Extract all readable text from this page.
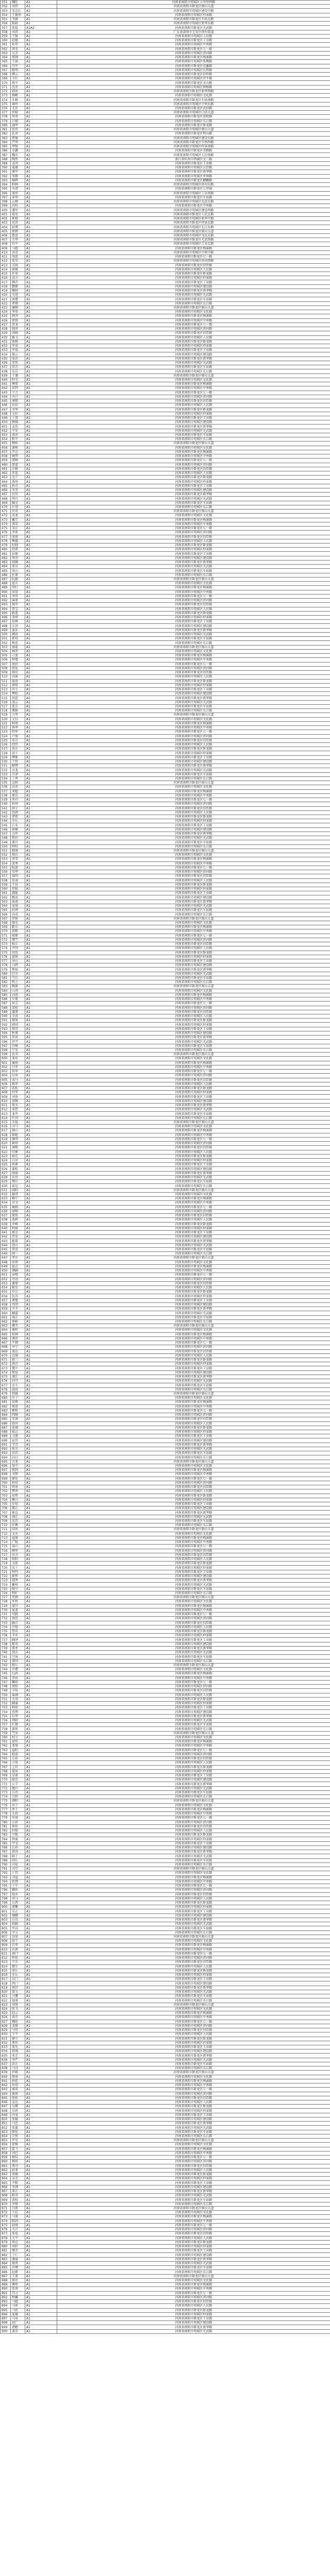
351	魏旺	A1	河南省南阳市宛城区五里堡西路
352	刘伟	A1	河南省南阳市卧龙区独山大道
353	宋志红	A1	河南省南阳市宛城区建设中路
354	王振华	A1	河南省南阳市宛城区仲景路
355	李静	A1	河南省南阳市卧龙区车站北路
356	陈娟	A1	河南省南阳市宛城区新华东路
357	张磊	A1A2	河南省南阳市卧龙区光武路
358	刘涛	A1	广东省深圳市宝安区西乡街道
359	王强	A1	河南省南阳市宛城区人民路
360	赵敏	A1	河南省南阳市卧龙区工业路
361	孙伟	A1	河南省南阳市宛城区中州路
362	周杰	A1	河南省南阳市卧龙区七一路
363	吴芳	A1	河南省南阳市宛城区滨河路
364	郑刚	A1	河南省南阳市卧龙区梅溪路
365	王丽	A1	河南省南阳市宛城区张衡路
366	冯军	A1	河南省南阳市卧龙区范蠡路
367	陈明	A1	河南省南阳市宛城区孔明路
368	褚云	A1	河南省南阳市卧龙区信臣路
369	卫红	A1	河南省南阳市宛城区伏牛路
370	蒋平	A1	河南省南阳市卧龙区天山路
371	沈亮	A1	河南省南阳市宛城区两相路
372	韩冰	A1	河南省南阳市卧龙区新华西路
373	杨帆	A1	河南省南阳市宛城区文化路
374	朱峰	A1	河南省南阳市卧龙区车站南路
375	秦岭	A1	河南省南阳市宛城区中州东路
376	尤佳	A1	河南省南阳市卧龙区武侯路
377	许晴	A1	河南省南阳市宛城区白河大道
378	何勇	A1	河南省南阳市卧龙区淯阳路
379	吕斌	A1	河南省南阳市宛城区长江路
380	施华	A1	河南省南阳市卧龙区卧龙路
381	张伟	A1	河南省南阳市宛城区独山大道
382	孔亮	A1	河南省南阳市卧龙区明山路
383	曹操	A1	河南省南阳市宛城区建设东路
384	严明	A1	河南省南阳市卧龙区中州西路
385	华强	A1	河南省南阳市宛城区仲景南路
386	金鑫	A1	河南省南阳市卧龙区雪枫路
387	魏东	A1	河南省南阳市宛城区人民南路
388	陶然	A1	浙江省杭州市西湖区文三路
389	姜涛	A1	河南省南阳市卧龙区工农路
390	戚薇	A1	河南省南阳市宛城区汉冶路
391	谢军	A1	河南省南阳市卧龙区新华路
392	邹静	A1	河南省南阳市宛城区枣林路
393	喻辉	A1	河南省南阳市卧龙区麒麟路
394	柏林	A1	河南省南阳市宛城区滨河东路
395	水清	A1	河南省南阳市卧龙区七里园
396	窦伟	A1	河南省南阳市宛城区工业南路
397	章华	A1	河南省南阳市卧龙区车站路
398	云峰	A1	河南省南阳市宛城区光武东路
399	苏杭	A1	河南省南阳市卧龙区中州路
400	潘军	A1	河南省南阳市宛城区建设西路
401	葛亮	A1	河南省南阳市卧龙区人民北路
402	奚梅	A1	河南省南阳市宛城区新华中路
403	范伟	A1	河南省南阳市卧龙区仲景北路
404	彭博	A1	河南省南阳市宛城区长江东路
405	郎朗	A1	河南省南阳市卧龙区独山大道
406	鲁迅	A1	河南省南阳市宛城区文化东路
407	韦华	A1	河南省南阳市卧龙区光武西路
408	昌平	A1	河南省南阳市宛城区工业北路
409	马超	A1	河南省南阳市卧龙区梅溪路
410	苗苗	A1	河南省南阳市宛城区中州中路
411	凤霞	A1	河南省南阳市卧龙区七一路
412	花荣	A1	河南省南阳市宛城区滨河西路
413	方圆	A1	河南省南阳市卧龙区信臣路
414	俞敏	A1	河南省南阳市宛城区人民路
415	任重	A1	河南省南阳市卧龙区卧龙路
416	袁方	A1	河南省南阳市宛城区仲景路
417	柳青	A1	河南省南阳市卧龙区工业路
418	酆都	A1	河南省南阳市宛城区建设路
419	鲍勃	A1	河南省南阳市卧龙区新华路
420	史进	A1	河南省南阳市宛城区光武路
421	唐僧	A1	河南省南阳市卧龙区车站路
422	费翔	A1	河南省南阳市宛城区长江路
423	廉颇	A1	河南省南阳市卧龙区独山大道
424	岑参	A1	河南省南阳市宛城区文化路
425	薛涛	A1	河南省南阳市卧龙区梅溪路
426	雷锋	A1	河南省南阳市宛城区中州路
427	贺龙	A1	河南省南阳市卧龙区七一路
428	倪萍	A1	河南省南阳市宛城区滨河路
429	汤姆	A1	河南省南阳市卧龙区信臣路
430	滕飞	A1	河南省南阳市宛城区人民路
431	殷桃	A1	河南省南阳市卧龙区卧龙路
432	罗成	A1	河南省南阳市宛城区仲景路
433	毕福	A1	河南省南阳市卧龙区工业路
434	郝云	A1	河南省南阳市宛城区建设路
435	邬君	A1	河南省南阳市卧龙区新华路
436	安然	A1	河南省南阳市宛城区光武路
437	常青	A1	河南省南阳市卧龙区车站路
438	乐乐	A1	河南省南阳市宛城区长江路
439	于谦	A1	河南省南阳市卧龙区独山大道
440	时光	A1	河南省南阳市宛城区文化路
441	傅雷	A1	河南省南阳市卧龙区梅溪路
442	皮特	A1	河南省南阳市宛城区中州路
443	卞之	A1	河南省南阳市卧龙区七一路
444	齐白	A1	河南省南阳市宛城区滨河路
445	康熙	A1	河南省南阳市卧龙区信臣路
446	伍佰	A1	河南省南阳市宛城区人民路
447	余华	A1	河南省南阳市卧龙区卧龙路
448	元好	A1	河南省南阳市宛城区仲景路
449	卜算	A1	河南省南阳市卧龙区工业路
450	顾城	A1	河南省南阳市宛城区建设路
451	孟浩	A1	河南省南阳市卧龙区新华路
452	平安	A1	河南省南阳市宛城区光武路
453	黄河	A1	河南省南阳市卧龙区车站路
454	和平	A1	河南省南阳市宛城区长江路
455	穆桂	A1	河南省南阳市卧龙区独山大道
456	萧峰	A1	河南省南阳市宛城区文化路
457	尹志	A1	河南省南阳市卧龙区梅溪路
458	姚明	A1	河南省南阳市宛城区中州路
459	邵峰	A1	河南省南阳市卧龙区七一路
460	湛蓝	A1	河南省南阳市宛城区滨河路
461	汪峰	A1	河南省南阳市卧龙区信臣路
462	祁连	A1	河南省南阳市宛城区人民路
463	毛宁	A1	河南省南阳市卧龙区卧龙路
464	禹州	A1	河南省南阳市宛城区仲景路
465	狄青	A1	河南省南阳市卧龙区工业路
466	米芾	A1	河南省南阳市宛城区建设路
467	贝贝	A1	河南省南阳市卧龙区新华路
468	明月	A1	河南省南阳市宛城区光武路
469	臧克	A1	河南省南阳市卧龙区车站路
470	计划	A1	河南省南阳市宛城区长江路
471	伏虎	A1	河南省南阳市卧龙区独山大道
472	成龙	A1	河南省南阳市宛城区文化路
473	戴笠	A1	河南省南阳市卧龙区梅溪路
474	谈笑	A1	河南省南阳市宛城区中州路
475	宋江	A1	河南省南阳市卧龙区七一路
476	茅盾	A1	河南省南阳市宛城区滨河路
477	庞统	A1	河南省南阳市卧龙区信臣路
478	熊猫	A1	河南省南阳市宛城区人民路
479	纪晓	A1	河南省南阳市卧龙区卧龙路
480	舒淇	A1	河南省南阳市宛城区仲景路
481	屈原	A1	河南省南阳市卧龙区工业路
482	项羽	A1	河南省南阳市宛城区建设路
483	祝融	A1	河南省南阳市卧龙区新华路
484	董卓	A1	河南省南阳市宛城区光武路
485	梁山	A1	河南省南阳市卧龙区车站路
486	杜甫	A1	河南省南阳市宛城区长江路
487	阮籍	A1	河南省南阳市卧龙区独山大道
488	蓝天	A1	河南省南阳市宛城区文化路
489	闵行	A1	河南省南阳市卧龙区梅溪路
490	席慕	A1	河南省南阳市宛城区中州路
491	季风	A1	河南省南阳市卧龙区七一路
492	麻雀	A1	河南省南阳市宛城区滨河路
493	强军	A1	河南省南阳市卧龙区信臣路
494	贾宝	A1	河南省南阳市宛城区人民路
495	路遥	A1	河南省南阳市卧龙区卧龙路
496	娄烨	A1	河南省南阳市宛城区仲景路
497	危峰	A1	河南省南阳市卧龙区工业路
498	江河	A1	河南省南阳市宛城区建设路
499	童话	A1	河南省南阳市卧龙区新华路
500	颜真	A1	河南省南阳市宛城区光武路
501	郭靖	A1	河南省南阳市卧龙区车站路
502	梅花	A1	河南省南阳市宛城区长江路
503	盛夏	A1	河南省南阳市卧龙区独山大道
504	林冲	A1	河南省南阳市宛城区文化路
505	刁蛮	A1	河南省南阳市卧龙区梅溪路
506	钟馗	A1	河南省南阳市宛城区中州路
507	徐庶	A1	河南省南阳市卧龙区七一路
508	邱处	A1	河南省南阳市宛城区滨河路
509	骆宾	A1	河南省南阳市卧龙区信臣路
510	高俅	A1	河南省南阳市宛城区人民路
511	夏雨	A1	河南省南阳市卧龙区卧龙路
512	蔡琰	A1	河南省南阳市宛城区仲景路
513	田七	A1	河南省南阳市卧龙区工业路
514	樊哙	A1	河南省南阳市宛城区建设路
515	胡适	A1	河南省南阳市卧龙区新华路
516	凌云	A1	河南省南阳市宛城区光武路
517	霍去	A1	河南省南阳市卧龙区车站路
518	虞姬	A1	河南省南阳市宛城区长江路
519	万里	A1	河南省南阳市卧龙区独山大道
520	支付	A1	河南省南阳市宛城区文化路
521	柯南	A1	河南省南阳市卧龙区梅溪路
522	昝华	A1	河南省南阳市宛城区中州路
523	管仲	A1	河南省南阳市卧龙区七一路
524	卢俊	A1	河南省南阳市宛城区滨河路
525	莫言	A1	河南省南阳市卧龙区信臣路
526	经纬	A1	河南省南阳市宛城区人民路
527	房玄	A1	河南省南阳市卧龙区卧龙路
528	裘千	A1	河南省南阳市宛城区仲景路
529	缪斯	A1	河南省南阳市卧龙区工业路
530	干将	A1	河南省南阳市宛城区建设路
531	解缙	A1	河南省南阳市卧龙区新华路
532	应龙	A1	河南省南阳市宛城区光武路
533	宗泽	A1	河南省南阳市卧龙区车站路
534	丁香	A1	河南省南阳市宛城区长江路
535	宣和	A1	河南省南阳市卧龙区独山大道
536	贲虎	A1	河南省南阳市宛城区文化路
537	邓超	A1	河南省南阳市卧龙区梅溪路
538	郁达	A1	河南省南阳市宛城区中州路
539	单田	A1	河南省南阳市卧龙区七一路
540	杭州	A1	河南省南阳市宛城区滨河路
541	洪七	A1	河南省南阳市卧龙区信臣路
542	包拯	A1	河南省南阳市宛城区人民路
543	诸葛	A1	河南省南阳市卧龙区卧龙路
544	左丘	A1	河南省南阳市宛城区仲景路
545	石头	A1	河南省南阳市卧龙区工业路
546	崔健	A1	河南省南阳市宛城区建设路
547	吉祥	A1	河南省南阳市卧龙区新华路
548	钮扣	A1	河南省南阳市宛城区光武路
549	龚自	A1	河南省南阳市卧龙区车站路
550	程咬	A1	河南省南阳市宛城区长江路
551	嵇康	A1	河南省南阳市卧龙区独山大道
552	邢台	A1	河南省南阳市宛城区文化路
553	滑雪	A1	河南省南阳市卧龙区梅溪路
554	裴秀	A1	河南省南阳市宛城区中州路
555	陆游	A1	河南省南阳市卧龙区七一路
556	荣华	A1	河南省南阳市宛城区滨河路
557	翁同	A1	河南省南阳市卧龙区信臣路
558	荀彧	A1	河南省南阳市宛城区人民路
559	羊祜	A1	河南省南阳市卧龙区卧龙路
560	於陵	A1	河南省南阳市宛城区仲景路
561	惠能	A1	河南省南阳市卧龙区工业路
562	甄宓	A1	河南省南阳市宛城区建设路
563	曲波	A1	河南省南阳市卧龙区新华路
564	家驹	A1	河南省南阳市宛城区光武路
565	封神	A1	河南省南阳市卧龙区车站路
566	芮成	A1	河南省南阳市宛城区长江路
567	羿射	A1	河南省南阳市卧龙区独山大道
568	储光	A1	河南省南阳市宛城区文化路
569	靳东	A1	河南省南阳市卧龙区梅溪路
570	汲黯	A1	河南省南阳市宛城区中州路
571	邴原	A1	河南省南阳市卧龙区七一路
572	糜竺	A1	河南省南阳市宛城区滨河路
573	松江	A1	河南省南阳市卧龙区信臣路
574	井冈	A1	河南省南阳市宛城区人民路
575	段誉	A1	河南省南阳市卧龙区卧龙路
576	富察	A1	河南省南阳市宛城区仲景路
577	巫山	A1	河南省南阳市卧龙区工业路
578	乌鸦	A1	河南省南阳市宛城区建设路
579	焦裕	A1	河南省南阳市卧龙区新华路
580	巴金	A1	河南省南阳市宛城区光武路
581	弓长	A1	河南省南阳市卧龙区车站路
582	牧之	A1	河南省南阳市宛城区长江路
583	隗嚣	A1	河南省南阳市卧龙区独山大道
584	山涛	A1	河南省南阳市宛城区文化路
585	谷雨	A1	河南省南阳市卧龙区梅溪路
586	车胤	A1	河南省南阳市宛城区中州路
587	侯宝	A1	河南省南阳市卧龙区七一路
588	宓妃	A1	河南省南阳市宛城区滨河路
589	蓬莱	A1	河南省南阳市卧龙区信臣路
590	全真	A1	河南省南阳市宛城区人民路
591	郗鉴	A1	河南省南阳市卧龙区卧龙路
592	班固	A1	河南省南阳市宛城区仲景路
593	仰望	A1	河南省南阳市卧龙区工业路
594	秋瑾	A1	河南省南阳市宛城区建设路
595	仲景	A1	河南省南阳市卧龙区新华路
596	伊尹	A1	河南省南阳市宛城区光武路
597	宫崎	A1	河南省南阳市卧龙区车站路
598	宁采	A1	河南省南阳市宛城区长江路
599	仇英	A1	河南省南阳市卧龙区独山大道
600	栾布	A1	河南省南阳市宛城区文化路
601	暴雨	A1	河南省南阳市卧龙区梅溪路
602	甘罗	A1	河南省南阳市宛城区中州路
603	钭华	A1	河南省南阳市卧龙区七一路
604	厉害	A1	河南省南阳市宛城区滨河路
605	戎马	A1	河南省南阳市卧龙区信臣路
606	祖冲	A1	河南省南阳市宛城区人民路
607	武松	A1	河南省南阳市卧龙区卧龙路
608	符坚	A1	河南省南阳市宛城区仲景路
609	刘备	A1	河南省南阳市卧龙区工业路
610	景颇	A1	河南省南阳市宛城区建设路
611	詹天	A1	河南省南阳市卧龙区新华路
612	束皙	A1	河南省南阳市宛城区光武路
613	龙井	A1	河南省南阳市卧龙区车站路
614	叶问	A1	河南省南阳市宛城区长江路
615	幸福	A1	河南省南阳市卧龙区独山大道
616	司马	A1	河南省南阳市宛城区文化路
617	韶山	A1	河南省南阳市卧龙区梅溪路
618	郜艳	A1	河南省南阳市宛城区中州路
619	黎明	A1	河南省南阳市卧龙区七一路
620	蓟州	A1	河南省南阳市宛城区滨河路
621	薄熙	A1	河南省南阳市卧龙区信臣路
622	印象	A1	河南省南阳市宛城区人民路
623	宿迁	A1	河南省南阳市卧龙区卧龙路
624	白居	A1	河南省南阳市宛城区仲景路
625	怀素	A1	河南省南阳市卧龙区工业路
626	蒲松	A1	河南省南阳市宛城区建设路
627	邰丽	A1	河南省南阳市卧龙区新华路
628	从容	A1	河南省南阳市宛城区光武路
629	鄂尔	A1	河南省南阳市卧龙区车站路
630	索尼	A1	河南省南阳市宛城区长江路
631	咸阳	A1	河南省南阳市卧龙区独山大道
632	籍贯	A1	河南省南阳市宛城区文化路
633	赖宁	A1	河南省南阳市卧龙区梅溪路
634	卓文	A1	河南省南阳市宛城区中州路
635	蔺相	A1	河南省南阳市卧龙区七一路
636	屠呦	A1	河南省南阳市宛城区滨河路
637	蒙恬	A1	河南省南阳市卧龙区信臣路
638	池莉	A1	河南省南阳市宛城区人民路
639	乔峰	A1	河南省南阳市卧龙区卧龙路
640	阴丽	A1	河南省南阳市宛城区仲景路
641	郁金	A1	河南省南阳市卧龙区工业路
642	胥吏	A1	河南省南阳市宛城区建设路
643	能量	A1	河南省南阳市卧龙区新华路
644	苍山	A1	河南省南阳市宛城区光武路
645	双喜	A1	河南省南阳市卧龙区车站路
646	闻一	A1	河南省南阳市宛城区长江路
647	莘庄	A1	河南省南阳市卧龙区独山大道
648	党项	A1	河南省南阳市宛城区文化路
649	翟志	A1	河南省南阳市卧龙区梅溪路
650	谭嗣	A1	河南省南阳市宛城区中州路
651	贡嘎	A1	河南省南阳市卧龙区七一路
652	劳动	A1	河南省南阳市宛城区滨河路
653	逄蒙	A1	河南省南阳市卧龙区信臣路
654	姬发	A1	河南省南阳市宛城区人民路
655	申公	A1	河南省南阳市卧龙区卧龙路
656	扶苏	A1	河南省南阳市宛城区仲景路
657	堵胤	A1	河南省南阳市卧龙区工业路
658	冉闵	A1	河南省南阳市宛城区建设路
659	宰予	A1	河南省南阳市卧龙区新华路
660	郦道	A1	河南省南阳市宛城区光武路
661	雍正	A1	河南省南阳市卧龙区车站路
662	郤缺	A1	河南省南阳市宛城区长江路
663	璩美	A1	河南省南阳市卧龙区独山大道
664	桑梓	A1	河南省南阳市宛城区文化路
665	桂林	A1	河南省南阳市卧龙区梅溪路
666	濮存	A1	河南省南阳市宛城区中州路
667	牛顿	A1	河南省南阳市卧龙区七一路
668	寿宁	A1	河南省南阳市宛城区滨河路
669	通达	A1	河南省南阳市卧龙区信臣路
670	边城	A1	河南省南阳市宛城区人民路
671	扈三	A1	河南省南阳市卧龙区卧龙路
672	燕青	A1	河南省南阳市宛城区仲景路
673	冀中	A1	河南省南阳市卧龙区工业路
674	郏县	A1	河南省南阳市宛城区建设路
675	浦江	A1	河南省南阳市卧龙区新华路
676	尚可	A1	河南省南阳市宛城区光武路
677	农夫	A1	河南省南阳市卧龙区车站路
678	温庭	A1	河南省南阳市宛城区长江路
679	别离	A1	河南省南阳市卧龙区独山大道
680	庄子	A1	河南省南阳市宛城区文化路
681	晏殊	A1	河南省南阳市卧龙区梅溪路
682	柴进	A1	河南省南阳市宛城区中州路
683	瞿秋	A1	河南省南阳市卧龙区七一路
684	阎锡	A1	河南省南阳市宛城区滨河路
685	充满	A1	河南省南阳市卧龙区信臣路
686	慕容	A1	河南省南阳市宛城区人民路
687	连城	A1	河南省南阳市卧龙区卧龙路
688	茹志	A1	河南省南阳市宛城区仲景路
689	习凿	A1	河南省南阳市卧龙区工业路
690	宦官	A1	河南省南阳市宛城区建设路
691	艾青	A1	河南省南阳市卧龙区新华路
692	鱼玄	A1	河南省南阳市宛城区光武路
693	容若	A1	河南省南阳市卧龙区车站路
694	向日	A1	河南省南阳市宛城区长江路
695	古龙	A1	河南省南阳市卧龙区独山大道
696	易中	A1	河南省南阳市宛城区文化路
697	慎到	A1	河南省南阳市卧龙区梅溪路
698	戈壁	A1	河南省南阳市宛城区中州路
699	廖化	A1	河南省南阳市卧龙区七一路
700	庾信	A1	河南省南阳市宛城区滨河路
701	终南	A1	河南省南阳市卧龙区信臣路
702	暨南	A1	河南省南阳市宛城区人民路
703	居然	A1	河南省南阳市卧龙区卧龙路
704	衡山	A1	河南省南阳市宛城区仲景路
705	步惊	A1	河南省南阳市卧龙区工业路
706	都江	A1	河南省南阳市宛城区建设路
707	耿直	A1	河南省南阳市卧龙区新华路
708	满江	A1	河南省南阳市宛城区光武路
709	弘历	A1	河南省南阳市卧龙区车站路
710	匡衡	A1	河南省南阳市宛城区长江路
711	国风	A1	河南省南阳市卧龙区独山大道
712	文天	A1	河南省南阳市宛城区文化路
713	寇准	A1	河南省南阳市卧龙区梅溪路
714	广陵	A1	河南省南阳市宛城区中州路
715	禄山	A1	河南省南阳市卧龙区七一路
716	阙里	A1	河南省南阳市宛城区滨河路
717	东方	A1	河南省南阳市卧龙区信臣路
718	欧阳	A1	河南省南阳市宛城区人民路
719	殳斨	A1	河南省南阳市卧龙区卧龙路
720	沃土	A1	河南省南阳市宛城区仲景路
721	利玛	A1	河南省南阳市卧龙区工业路
722	蔚然	A1	河南省南阳市宛城区建设路
723	越秀	A1	河南省南阳市卧龙区新华路
724	夔州	A1	河南省南阳市宛城区光武路
725	隆中	A1	河南省南阳市卧龙区车站路
726	师旷	A1	河南省南阳市宛城区长江路
727	巩俐	A1	河南省南阳市卧龙区独山大道
728	厍狄	A1	河南省南阳市宛城区文化路
729	聂耳	A1	河南省南阳市卧龙区梅溪路
730	晁盖	A1	河南省南阳市宛城区中州路
731	勾践	A1	河南省南阳市卧龙区七一路
732	敖包	A1	河南省南阳市宛城区滨河路
733	融合	A1	河南省南阳市卧龙区信臣路
734	冷锋	A1	河南省南阳市宛城区人民路
735	訾议	A1	河南省南阳市卧龙区卧龙路
736	辛弃	A1	河南省南阳市宛城区仲景路
737	阚泽	A1	河南省南阳市卧龙区工业路
738	那英	A1	河南省南阳市宛城区建设路
739	简单	A1	河南省南阳市卧龙区新华路
740	饶舌	A1	河南省南阳市宛城区光武路
741	空海	A1	河南省南阳市卧龙区车站路
742	曾国	A1	河南省南阳市宛城区长江路
743	毋丘	A1	河南省南阳市卧龙区独山大道
744	沙僧	A1	河南省南阳市宛城区文化路
745	乜斜	A1	河南省南阳市卧龙区梅溪路
746	养由	A1	河南省南阳市宛城区中州路
747	鞠躬	A1	河南省南阳市卧龙区七一路
748	须弥	A1	河南省南阳市宛城区滨河路
749	丰收	A1	河南省南阳市卧龙区信臣路
750	巢湖	A1	河南省南阳市宛城区人民路
751	关羽	A1	河南省南阳市卧龙区卧龙路
752	蒯通	A1	河南省南阳市宛城区仲景路
753	相如	A1	河南省南阳市卧龙区工业路
754	查理	A1	河南省南阳市宛城区建设路
755	后羿	A1	河南省南阳市卧龙区新华路
756	荆轲	A1	河南省南阳市宛城区光武路
757	红楼	A1	河南省南阳市卧龙区车站路
758	游侠	A1	河南省南阳市宛城区长江路
759	竺法	A1	河南省南阳市卧龙区独山大道
760	权力	A1	河南省南阳市宛城区文化路
761	逯钦	A1	河南省南阳市卧龙区梅溪路
762	盖聂	A1	河南省南阳市宛城区中州路
763	益阳	A1	河南省南阳市卧龙区七一路
764	桓温	A1	河南省南阳市宛城区滨河路
765	公孙	A1	河南省南阳市卧龙区信臣路
766	万俟	A1	河南省南阳市宛城区人民路
767	上官	A1	河南省南阳市卧龙区卧龙路
768	夏侯	A1	河南省南阳市宛城区仲景路
769	皇甫	A1	河南省南阳市卧龙区工业路
770	尉迟	A1	河南省南阳市宛城区建设路
771	公羊	A1	河南省南阳市卧龙区新华路
772	澹台	A1	河南省南阳市宛城区光武路
773	公冶	A1	河南省南阳市卧龙区车站路
774	宗政	A1	河南省南阳市宛城区长江路
775	濮阳	A1	河南省南阳市卧龙区独山大道
776	淳于	A1	河南省南阳市宛城区文化路
777	单于	A1	河南省南阳市卧龙区梅溪路
778	太叔	A1	河南省南阳市宛城区中州路
779	申屠	A1	河南省南阳市卧龙区七一路
780	公孙	A1	河南省南阳市宛城区滨河路
781	仲孙	A1	河南省南阳市卧龙区信臣路
782	轩辕	A1	河南省南阳市宛城区人民路
783	令狐	A1	河南省南阳市卧龙区卧龙路
784	钟离	A1	河南省南阳市宛城区仲景路
785	宇文	A1	河南省南阳市卧龙区工业路
786	长孙	A1	河南省南阳市宛城区建设路
787	慕容	A1	河南省南阳市卧龙区新华路
788	鲜于	A1	河南省南阳市宛城区光武路
789	闾丘	A1	河南省南阳市卧龙区车站路
790	司徒	A1	河南省南阳市宛城区长江路
791	司空	A1	河南省南阳市卧龙区独山大道
792	亓官	A1	河南省南阳市宛城区文化路
793	司寇	A1	河南省南阳市卧龙区梅溪路
794	仉督	A1	河南省南阳市宛城区中州路
795	子车	A1	河南省南阳市卧龙区七一路
796	颛孙	A1	河南省南阳市宛城区滨河路
797	端木	A1	河南省南阳市卧龙区信臣路
798	巫马	A1	河南省南阳市宛城区人民路
799	公西	A1	河南省南阳市卧龙区卧龙路
800	漆雕	A1	河南省南阳市宛城区仲景路
801	乐正	A1	河南省南阳市卧龙区工业路
802	壤驷	A1	河南省南阳市宛城区建设路
803	公良	A1	河南省南阳市卧龙区新华路
804	拓跋	A1	河南省南阳市宛城区光武路
805	夹谷	A1	河南省南阳市卧龙区车站路
806	宰父	A1	河南省南阳市宛城区长江路
807	谷梁	A1	河南省南阳市卧龙区独山大道
808	段干	A1	河南省南阳市宛城区文化路
809	百里	A1	河南省南阳市卧龙区梅溪路
810	东郭	A1	河南省南阳市宛城区中州路
811	南门	A1	河南省南阳市卧龙区七一路
812	呼延	A1	河南省南阳市宛城区滨河路
813	羊舌	A1	河南省南阳市卧龙区信臣路
814	微生	A1	河南省南阳市宛城区人民路
815	梁丘	A1	河南省南阳市卧龙区卧龙路
816	左丘	A1	河南省南阳市宛城区仲景路
817	东门	A1	河南省南阳市卧龙区工业路
818	西门	A1	河南省南阳市宛城区建设路
819	南宫	A1	河南省南阳市卧龙区新华路
820	第五	A1	河南省南阳市宛城区光武路
821	言偃	A1	河南省南阳市卧龙区车站路
822	福康	A1	河南省南阳市宛城区长江路
823	刘琦	A1	河南省南阳市卧龙区独山大道
824	张飞	A1	河南省南阳市宛城区文化路
825	赵云	A1	河南省南阳市卧龙区梅溪路
826	黄忠	A1	河南省南阳市宛城区中州路
827	魏延	A1	河南省南阳市卧龙区七一路
828	姜维	A1	河南省南阳市宛城区滨河路
829	马岱	A1	河南省南阳市卧龙区信臣路
830	王平	A1	河南省南阳市宛城区人民路
831	廖立	A1	河南省南阳市卧龙区卧龙路
832	费祎	A1	河南省南阳市宛城区仲景路
833	董允	A1	河南省南阳市卧龙区工业路
834	蒋琬	A1	河南省南阳市宛城区建设路
835	邓芝	A1	河南省南阳市卧龙区新华路
836	李严	A1	河南省南阳市宛城区光武路
837	法正	A1	河南省南阳市卧龙区车站路
838	马良	A1	河南省南阳市宛城区长江路
839	伊籍	A1	河南省南阳市卧龙区独山大道
840	简雍	A1	河南省南阳市宛城区文化路
841	孙乾	A1	河南省南阳市卧龙区梅溪路
842	许靖	A1	河南省南阳市宛城区中州路
843	秦宓	A1	河南省南阳市卧龙区七一路
844	谯周	A1	河南省南阳市宛城区滨河路
845	张松	A1	河南省南阳市卧龙区信臣路
846	孟达	A1	河南省南阳市宛城区人民路
847	吴懿	A1	河南省南阳市卧龙区卧龙路
848	吴班	A1	河南省南阳市宛城区仲景路
849	向宠	A1	河南省南阳市卧龙区工业路
850	张嶷	A1	河南省南阳市宛城区建设路
851	马忠	A1	河南省南阳市卧龙区新华路
852	张翼	A1	河南省南阳市宛城区光武路
853	廖化	A1	河南省南阳市卧龙区车站路
854	宗预	A1	河南省南阳市宛城区长江路
855	罗宪	A1	河南省南阳市卧龙区独山大道
856	霍峻	A1	河南省南阳市宛城区文化路
857	霍弋	A1	河南省南阳市卧龙区梅溪路
858	刘巴	A1	河南省南阳市宛城区中州路
859	杨仪	A1	河南省南阳市卧龙区七一路
860	杨洪	A1	河南省南阳市宛城区滨河路
861	费诗	A1	河南省南阳市卧龙区信臣路
862	彭羕	A1	河南省南阳市宛城区人民路
863	来敏	A1	河南省南阳市卧龙区卧龙路
864	孟光	A1	河南省南阳市宛城区仲景路
865	尹默	A1	河南省南阳市卧龙区工业路
866	李譔	A1	河南省南阳市宛城区建设路
867	郤正	A1	河南省南阳市卧龙区新华路
868	陈寿	A1	河南省南阳市宛城区光武路
869	黄权	A1	河南省南阳市卧龙区车站路
870	李恢	A1	河南省南阳市宛城区长江路
871	吕凯	A1	河南省南阳市卧龙区独山大道
872	王伉	A1	河南省南阳市宛城区文化路
873	马谡	A1	河南省南阳市卧龙区梅溪路
874	陈到	A1	河南省南阳市宛城区中州路
875	赵统	A1	河南省南阳市卧龙区七一路
876	关兴	A1	河南省南阳市宛城区滨河路
877	张苞	A1	河南省南阳市卧龙区信臣路
878	关平	A1	河南省南阳市宛城区人民路
879	周仓	A1	河南省南阳市卧龙区卧龙路
880	刘封	A1	河南省南阳市宛城区仲景路
881	糜芳	A1	河南省南阳市卧龙区工业路
882	士仁	A1	河南省南阳市宛城区建设路
883	潘濬	A1	河南省南阳市卧龙区新华路
884	郝普	A1	河南省南阳市宛城区光武路
885	沙摩	A1	河南省南阳市卧龙区车站路
886	赵累	A1	河南省南阳市宛城区长江路
887	王甫	A1	河南省南阳市卧龙区独山大道
888	廖淳	A1	河南省南阳市宛城区文化路
889	傅彤	A1	河南省南阳市卧龙区梅溪路
890	张南	A1	河南省南阳市宛城区中州路
891	冯习	A1	河南省南阳市卧龙区七一路
892	程畿	A1	河南省南阳市宛城区滨河路
893	马超	A1	河南省南阳市卧龙区信臣路
894	马休	A1	河南省南阳市宛城区人民路
895	马铁	A1	河南省南阳市卧龙区卧龙路
896	庞德	A1	河南省南阳市宛城区仲景路
897	马承	A1	河南省南阳市卧龙区工业路
898	赵广	A1	河南省南阳市宛城区建设路
899	诸瞻	A1	河南省南阳市卧龙区新华路
900	黄崇	A1	河南省南阳市宛城区光武路
